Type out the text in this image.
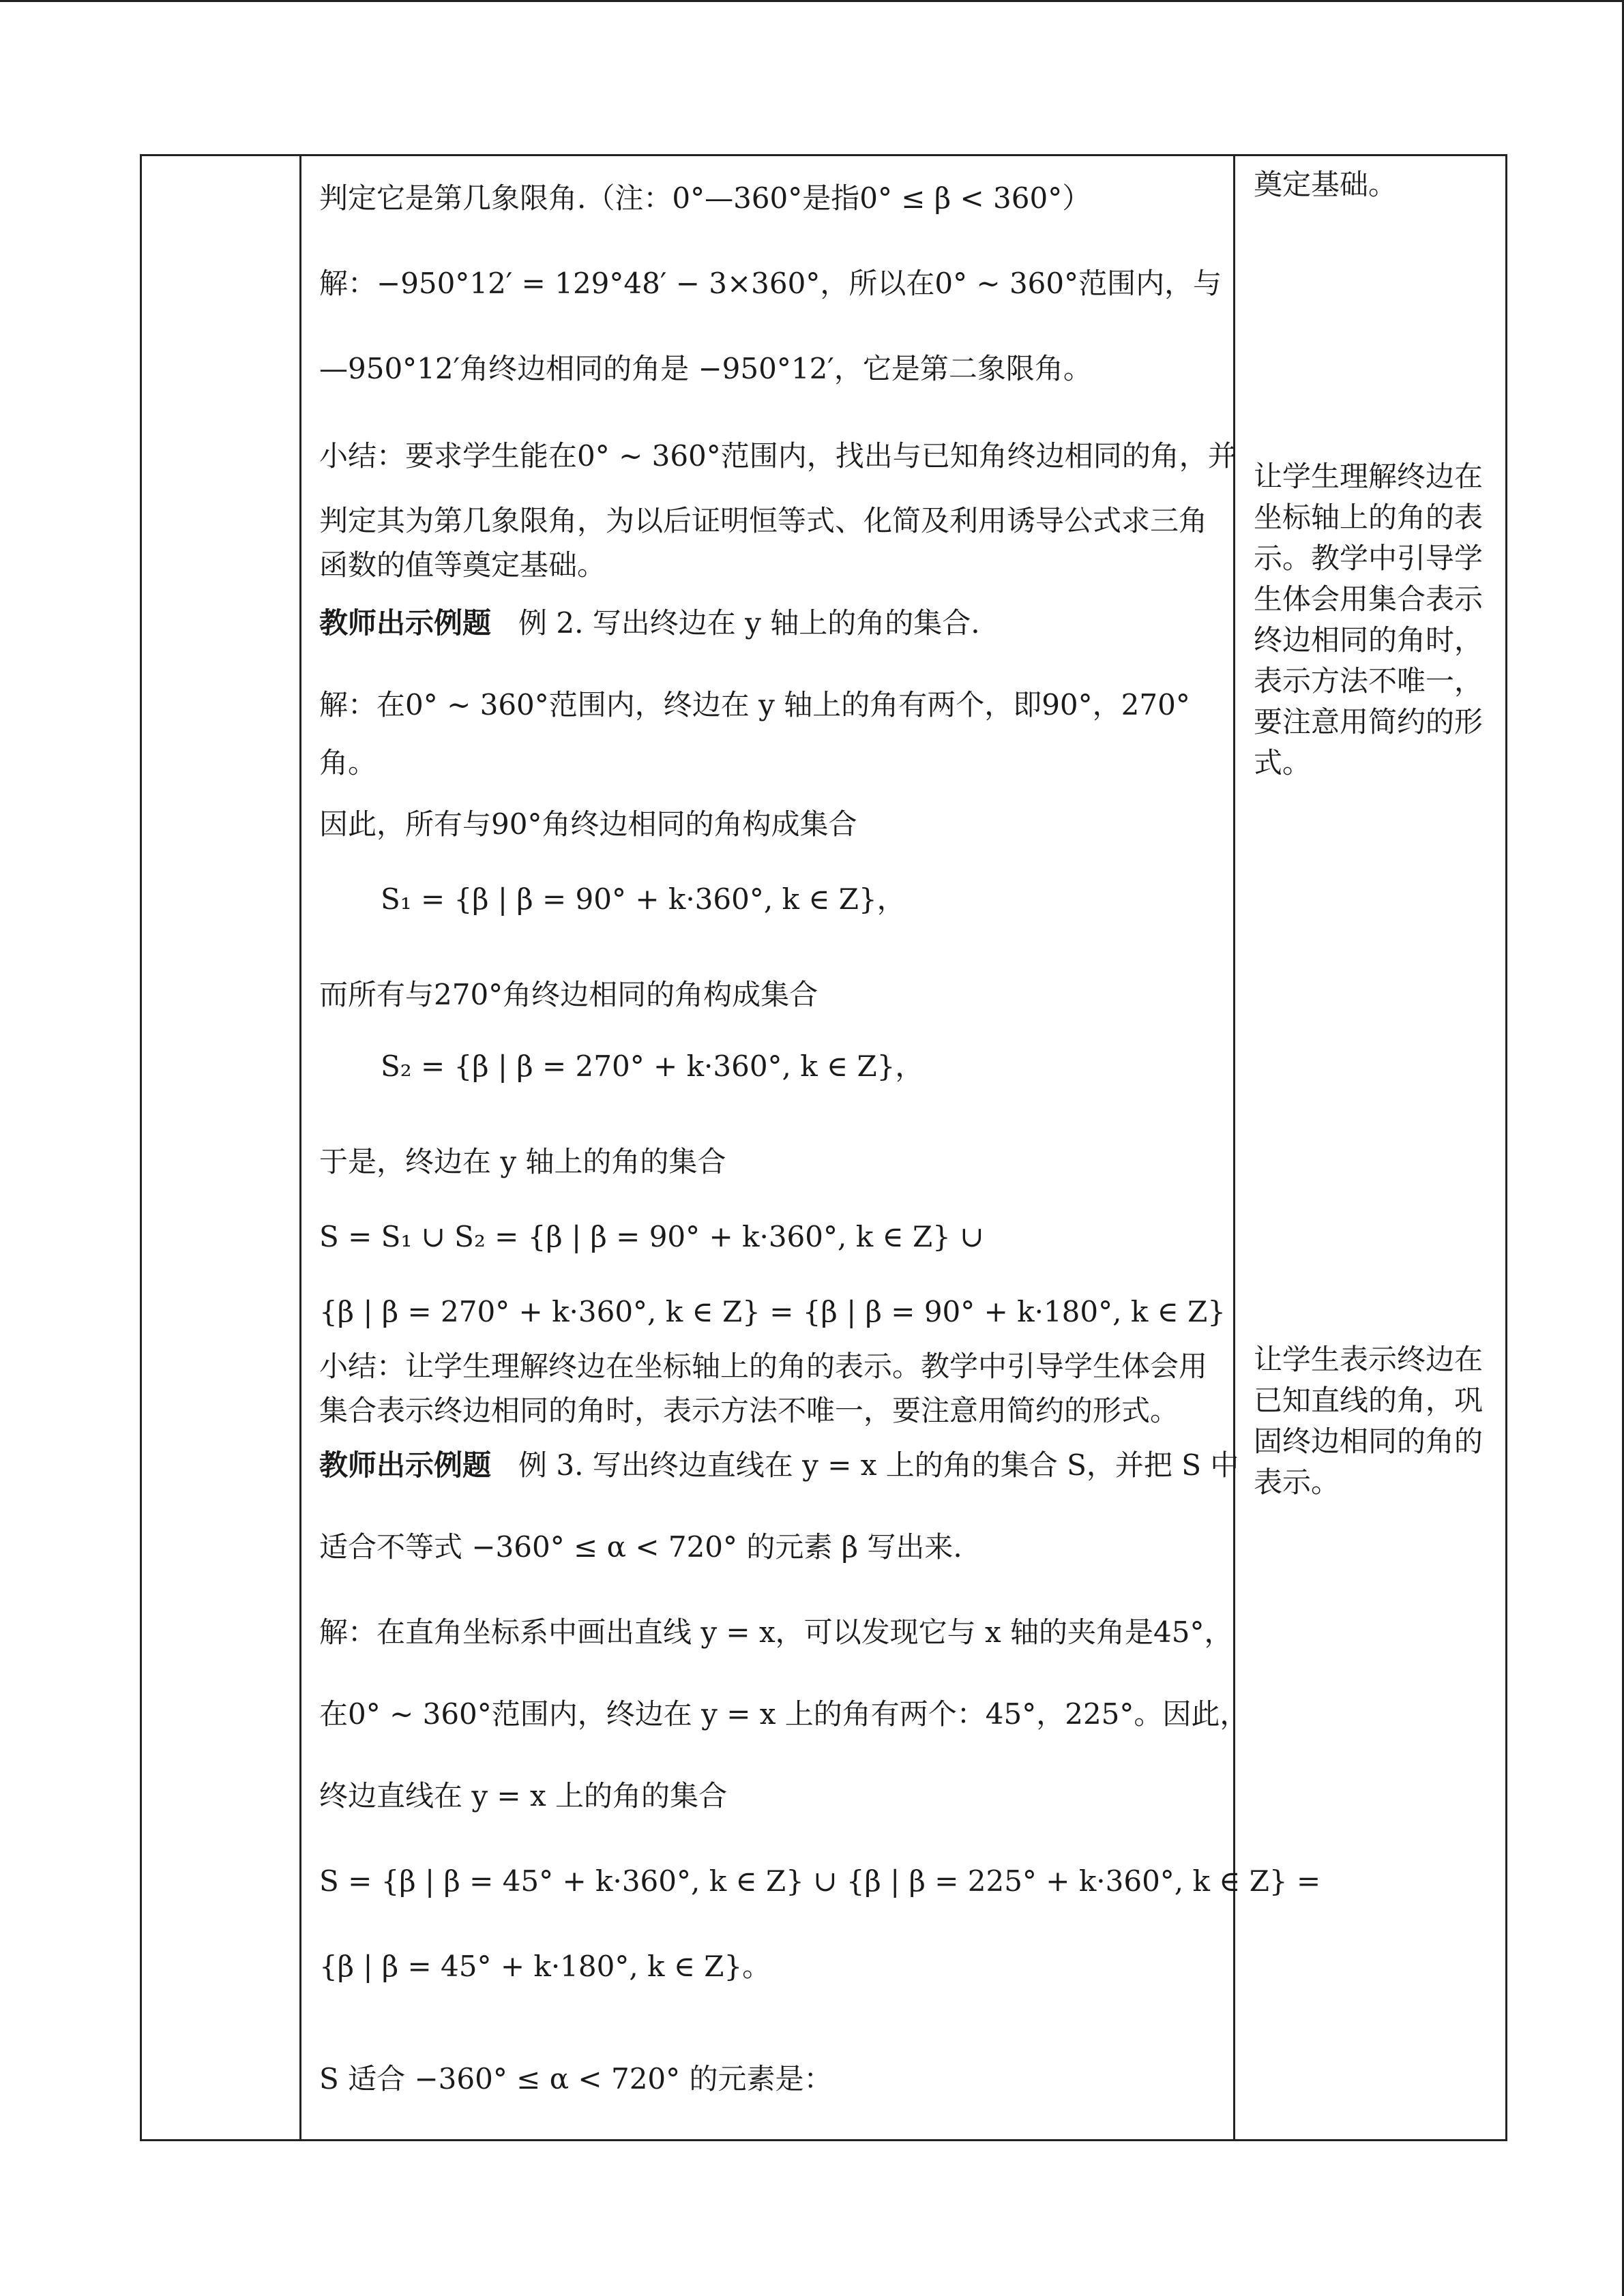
判定它是第几象限角.（注：0°—360°是指0° ≤ β < 360°）
解：−950°12′ = 129°48′ − 3×360°，所以在0° ~ 360°范围内，与
—950°12′角终边相同的角是 −950°12′，它是第二象限角。
小结：要求学生能在0° ~ 360°范围内，找出与已知角终边相同的角，并
判定其为第几象限角，为以后证明恒等式、化简及利用诱导公式求三角
函数的值等奠定基础。
教师出示例题 例 2. 写出终边在 y 轴上的角的集合.
解：在0° ~ 360°范围内，终边在 y 轴上的角有两个，即90°，270°
角。
因此，所有与90°角终边相同的角构成集合
S₁ = {β | β = 90° + k·360°, k ∈ Z}，
而所有与270°角终边相同的角构成集合
S₂ = {β | β = 270° + k·360°, k ∈ Z}，
于是，终边在 y 轴上的角的集合
S = S₁ ∪ S₂ = {β | β = 90° + k·360°, k ∈ Z} ∪
{β | β = 270° + k·360°, k ∈ Z} = {β | β = 90° + k·180°, k ∈ Z}
小结：让学生理解终边在坐标轴上的角的表示。教学中引导学生体会用
集合表示终边相同的角时，表示方法不唯一，要注意用简约的形式。
教师出示例题 例 3. 写出终边直线在 y = x 上的角的集合 S，并把 S 中
适合不等式 −360° ≤ α < 720° 的元素 β 写出来.
解：在直角坐标系中画出直线 y = x，可以发现它与 x 轴的夹角是45°，
在0° ~ 360°范围内，终边在 y = x 上的角有两个：45°，225°。因此，
终边直线在 y = x 上的角的集合
S = {β | β = 45° + k·360°, k ∈ Z} ∪ {β | β = 225° + k·360°, k ∈ Z} =
{β | β = 45° + k·180°, k ∈ Z}。
S 适合 −360° ≤ α < 720° 的元素是：
奠定基础。
让学生理解终边在
坐标轴上的角的表
示。教学中引导学
生体会用集合表示
终边相同的角时，
表示方法不唯一，
要注意用简约的形
式。
让学生表示终边在
已知直线的角，巩
固终边相同的角的
表示。
